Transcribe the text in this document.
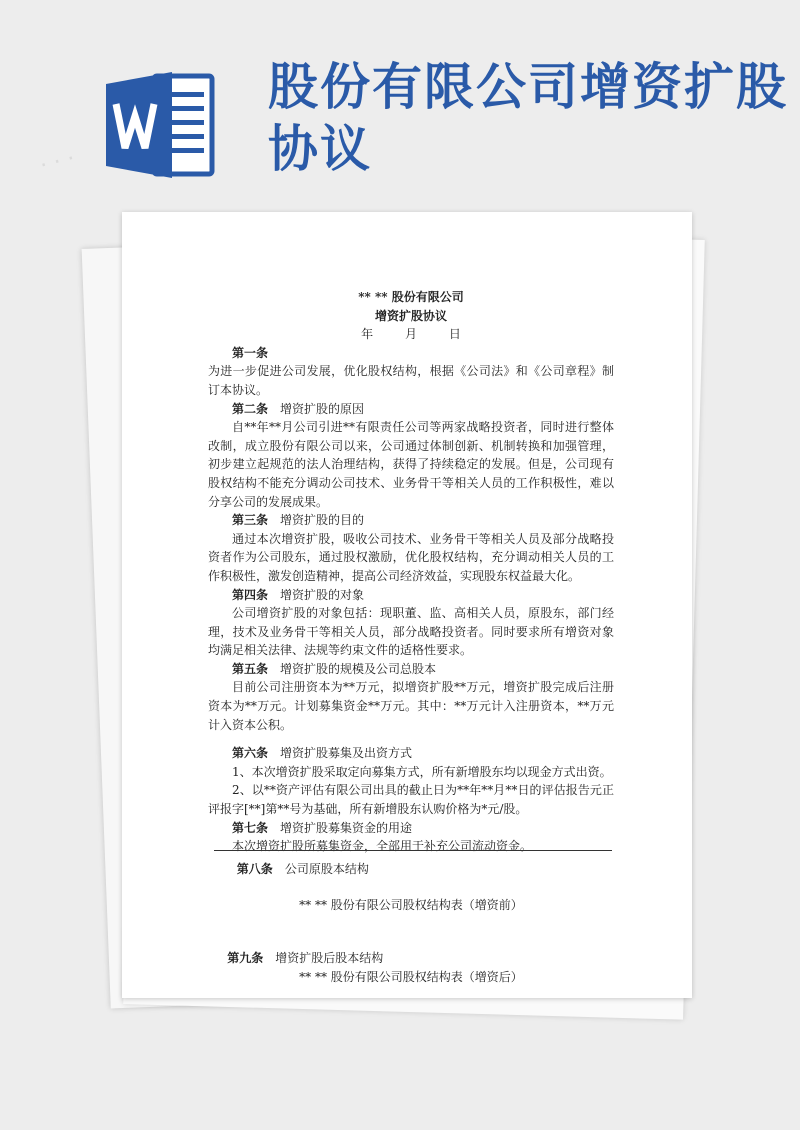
股份有限公司增资扩股协议
** ** 股份有限公司
增资扩股协议
年	月	日
第一条
为进一步促进公司发展，优化股权结构，根据《公司法》和《公司章程》制订本协议。
第二条 增资扩股的原因
自**年**月公司引进**有限责任公司等两家战略投资者，同时进行整体改制，成立股份有限公司以来，公司通过体制创新、机制转换和加强管理，初步建立起规范的法人治理结构，获得了持续稳定的发展。但是，公司现有股权结构不能充分调动公司技术、业务骨干等相关人员的工作积极性，难以分享公司的发展成果。
第三条 增资扩股的目的
通过本次增资扩股，吸收公司技术、业务骨干等相关人员及部分战略投资者作为公司股东，通过股权激励，优化股权结构，充分调动相关人员的工作积极性，激发创造精神，提高公司经济效益，实现股东权益最大化。
第四条 增资扩股的对象
公司增资扩股的对象包括：现职董、监、高相关人员，原股东，部门经理，技术及业务骨干等相关人员，部分战略投资者。同时要求所有增资对象均满足相关法律、法规等约束文件的适格性要求。
第五条 增资扩股的规模及公司总股本
目前公司注册资本为**万元，拟增资扩股**万元，增资扩股完成后注册资本为**万元。计划募集资金**万元。其中：**万元计入注册资本，**万元计入资本公积。
第六条 增资扩股募集及出资方式
1、本次增资扩股采取定向募集方式，所有新增股东均以现金方式出资。
2、以**资产评估有限公司出具的截止日为**年**月**日的评估报告元正评报字[**]第**号为基础，所有新增股东认购价格为*元/股。
第七条 增资扩股募集资金的用途
本次增资扩股所募集资金，全部用于补充公司流动资金。
第八条 公司原股本结构
** ** 股份有限公司股权结构表（增资前）
第九条 增资扩股后股本结构
** ** 股份有限公司股权结构表（增资后）
· · ·
